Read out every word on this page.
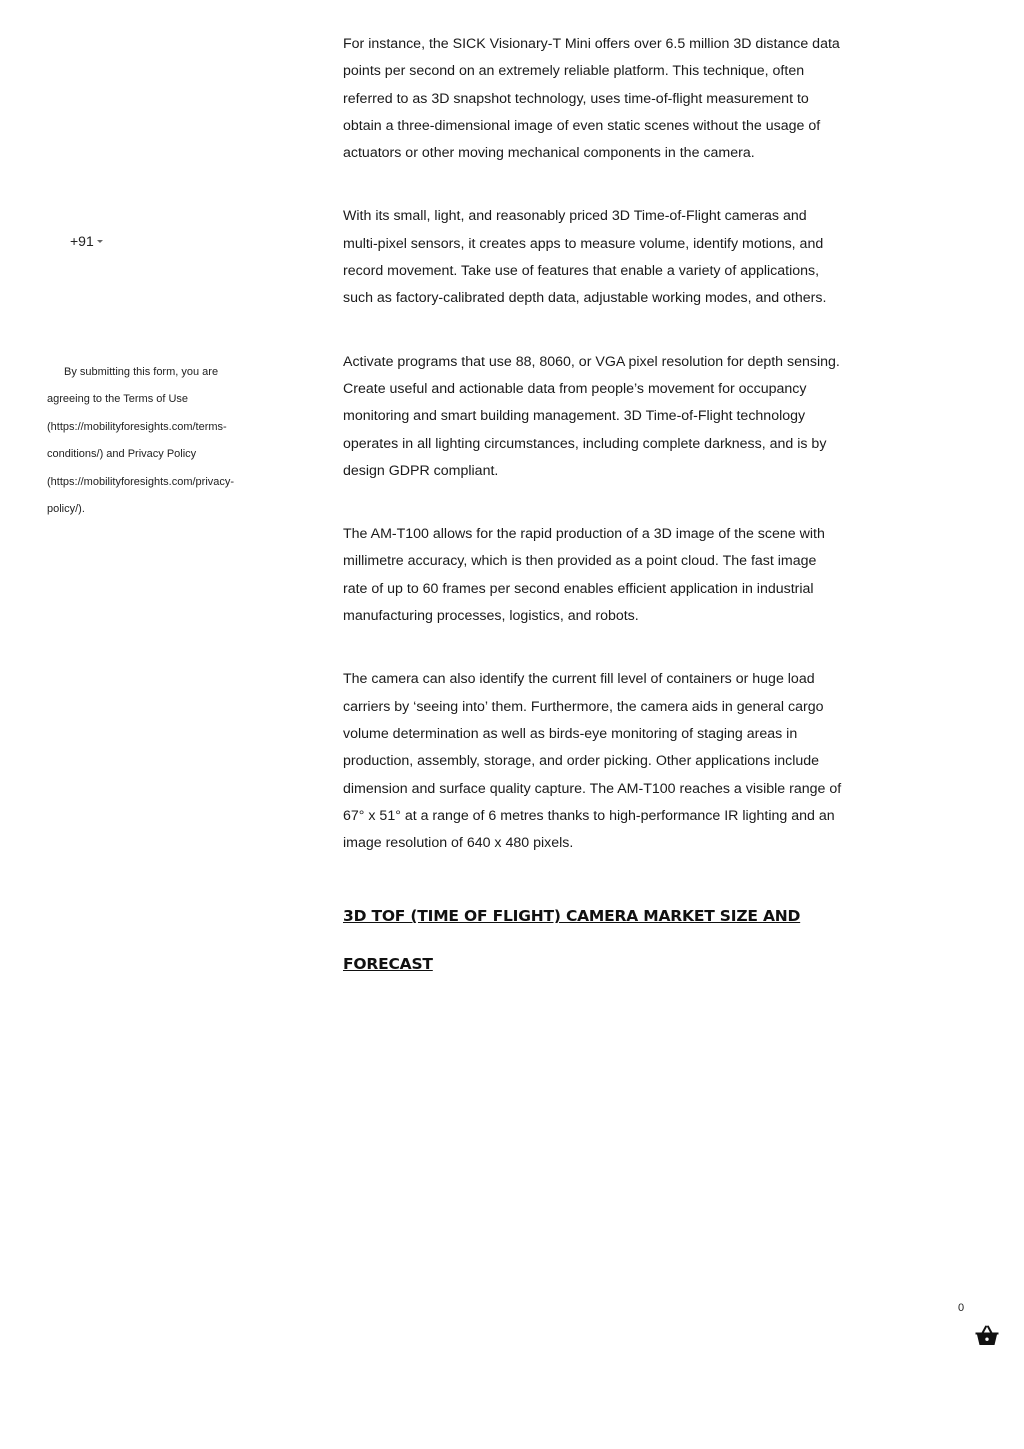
+91
By submitting this form, you are agreeing to the Terms of Use (https://mobilityforesights.com/terms-conditions/) and Privacy Policy (https://mobilityforesights.com/privacy-policy/).

For instance, the SICK Visionary-T Mini offers over 6.5 million 3D distance data points per second on an extremely reliable platform. This technique, often referred to as 3D snapshot technology, uses time-of-flight measurement to obtain a three-dimensional image of even static scenes without the usage of actuators or other moving mechanical components in the camera.

With its small, light, and reasonably priced 3D Time-of-Flight cameras and multi-pixel sensors, it creates apps to measure volume, identify motions, and record movement. Take use of features that enable a variety of applications, such as factory-calibrated depth data, adjustable working modes, and others.

Activate programs that use 88, 8060, or VGA pixel resolution for depth sensing. Create useful and actionable data from people’s movement for occupancy monitoring and smart building management. 3D Time-of-Flight technology operates in all lighting circumstances, including complete darkness, and is by design GDPR compliant.

The AM-T100 allows for the rapid production of a 3D image of the scene with millimetre accuracy, which is then provided as a point cloud. The fast image rate of up to 60 frames per second enables efficient application in industrial manufacturing processes, logistics, and robots.

The camera can also identify the current fill level of containers or huge load carriers by ‘seeing into’ them. Furthermore, the camera aids in general cargo volume determination as well as birds-eye monitoring of staging areas in production, assembly, storage, and order picking. Other applications include dimension and surface quality capture. The AM-T100 reaches a visible range of 67° x 51° at a range of 6 metres thanks to high-performance IR lighting and an image resolution of 640 x 480 pixels.

3D TOF (TIME OF FLIGHT) CAMERA MARKET SIZE AND FORECAST
0
